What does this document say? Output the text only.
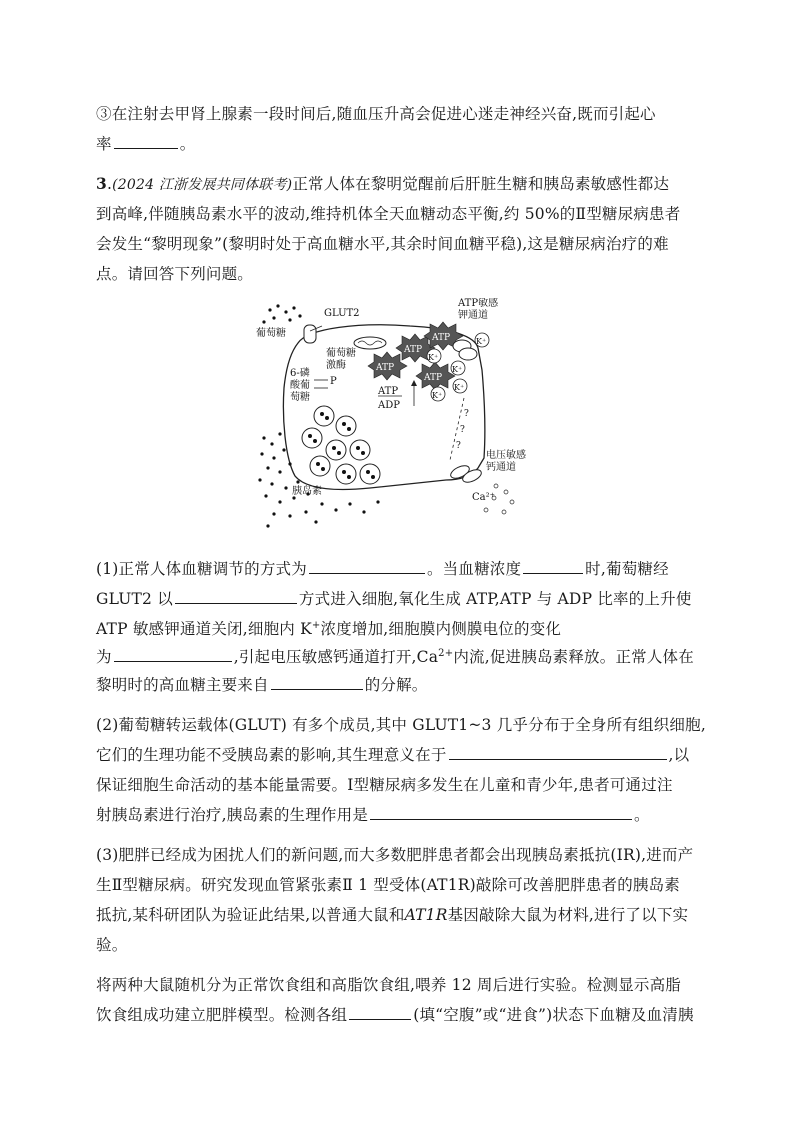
③在注射去甲肾上腺素一段时间后,随血压升高会促进心迷走神经兴奋,既而引起心
率	。
3.(2024 江浙发展共同体联考)正常人体在黎明觉醒前后肝脏生糖和胰岛素敏感性都达
到高峰,伴随胰岛素水平的波动,维持机体全天血糖动态平衡,约 50%的Ⅱ型糖尿病患者
会发生“黎明现象”(黎明时处于高血糖水平,其余时间血糖平稳),这是糖尿病治疗的难
点。请回答下列问题。
GLUT2
葡萄糖
葡萄糖
激酶
6-磷
酸葡
萄糖
P
ATP
ATP
ATP
ATP
ATP
ADP
K⁺
K⁺
K⁺
K⁺
K⁺
ATP敏感
钾通道
?
?
?
电压敏感
钙通道
Ca²⁺
胰岛素
(1)正常人体血糖调节的方式为	。当血糖浓度	时,葡萄糖经
GLUT2 以	方式进入细胞,氧化生成 ATP,ATP 与 ADP 比率的上升使
ATP 敏感钾通道关闭,细胞内 K+浓度增加,细胞膜内侧膜电位的变化
为	,引起电压敏感钙通道打开$,Ca^{2+}$内流,促进胰岛素释放。正常人体在
黎明时的高血糖主要来自	的分解。
(2)葡萄糖转运载体(GLUT) 有多个成员,其中 GLUT1~3 几乎分布于全身所有组织细胞,
它们的生理功能不受胰岛素的影响,其生理意义在于	,以
保证细胞生命活动的基本能量需要。Ⅰ型糖尿病多发生在儿童和青少年,患者可通过注
射胰岛素进行治疗,胰岛素的生理作用是	。
(3)肥胖已经成为困扰人们的新问题,而大多数肥胖患者都会出现胰岛素抵抗(IR),进而产
生Ⅱ型糖尿病。研究发现血管紧张素Ⅱ 1 型受体(AT1R)敲除可改善肥胖患者的胰岛素
抵抗,某科研团队为验证此结果,以普通大鼠和AT1R基因敲除大鼠为材料,进行了以下实
验。
将两种大鼠随机分为正常饮食组和高脂饮食组,喂养 12 周后进行实验。检测显示高脂
饮食组成功建立肥胖模型。检测各组	(填“空腹”或“进食”)状态下血糖及血清胰
